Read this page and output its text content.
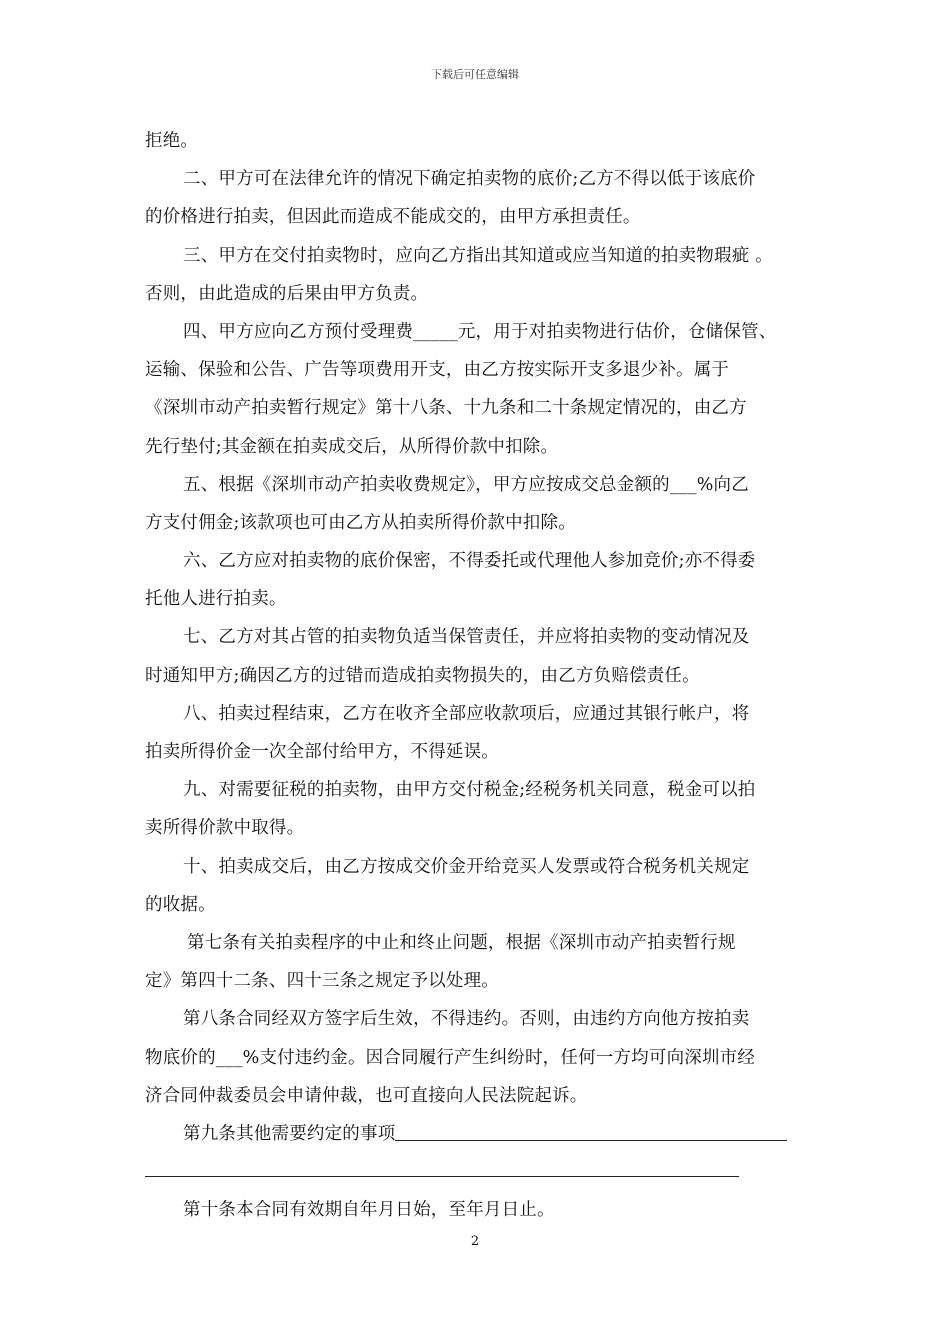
下载后可任意编辑
拒绝。
二、甲方可在法律允许的情况下确定拍卖物的底价;乙方不得以低于该底价
的价格进行拍卖，但因此而造成不能成交的，由甲方承担责任。
三、甲方在交付拍卖物时，应向乙方指出其知道或应当知道的拍卖物瑕疵 。
否则，由此造成的后果由甲方负责。
四、甲方应向乙方预付受理费_____元，用于对拍卖物进行估价，仓储保管、
运输、保验和公告、广告等项费用开支，由乙方按实际开支多退少补。属于
《深圳市动产拍卖暂行规定》第十八条、十九条和二十条规定情况的，由乙方
先行垫付;其金额在拍卖成交后，从所得价款中扣除。
五、根据《深圳市动产拍卖收费规定》，甲方应按成交总金额的___%向乙
方支付佣金;该款项也可由乙方从拍卖所得价款中扣除。
六、乙方应对拍卖物的底价保密，不得委托或代理他人参加竞价;亦不得委
托他人进行拍卖。
七、乙方对其占管的拍卖物负适当保管责任，并应将拍卖物的变动情况及
时通知甲方;确因乙方的过错而造成拍卖物损失的，由乙方负赔偿责任。
八、拍卖过程结束，乙方在收齐全部应收款项后，应通过其银行帐户，将
拍卖所得价金一次全部付给甲方，不得延误。
九、对需要征税的拍卖物，由甲方交付税金;经税务机关同意，税金可以拍
卖所得价款中取得。
十、拍卖成交后，由乙方按成交价金开给竞买人发票或符合税务机关规定
的收据。
第七条有关拍卖程序的中止和终止问题，根据《深圳市动产拍卖暂行规
定》第四十二条、四十三条之规定予以处理。
第八条合同经双方签字后生效，不得违约。否则，由违约方向他方按拍卖
物底价的___%支付违约金。因合同履行产生纠纷时，任何一方均可向深圳市经
济合同仲裁委员会申请仲裁，也可直接向人民法院起诉。
第九条其他需要约定的事项
第十条本合同有效期自年月日始，至年月日止。
2
